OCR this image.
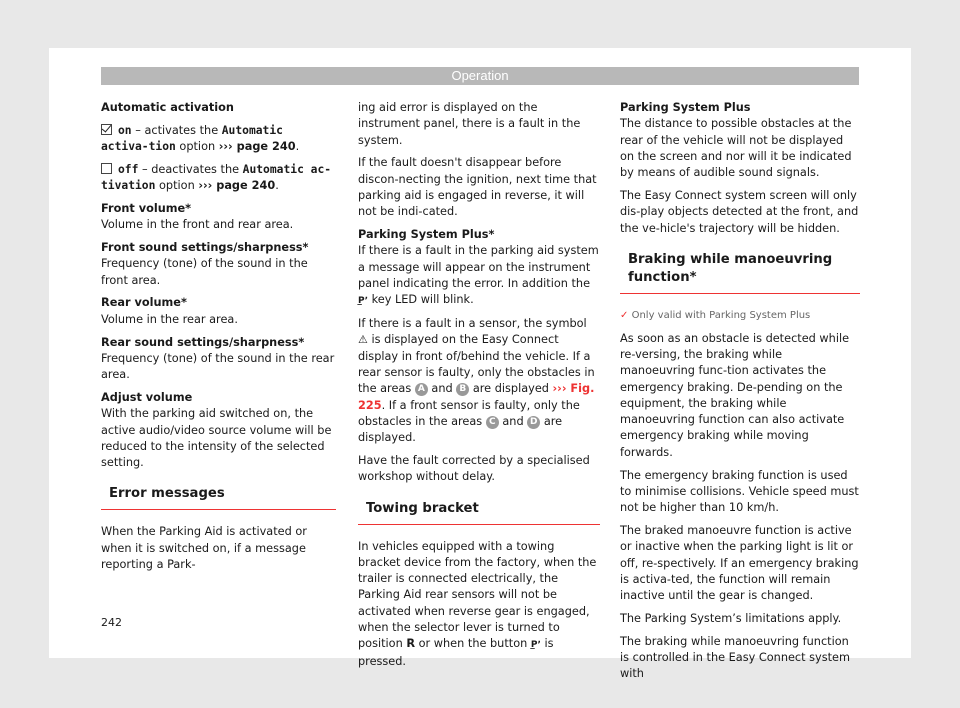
Operation

Automatic activation

on – activates the Automatic activa-tion option ››› page 240.

off – deactivates the Automatic ac-tivation option ››› page 240.

Front volume*

Volume in the front and rear area.

Front sound settings/sharpness*

Frequency (tone) of the sound in the front area.

Rear volume*

Volume in the rear area.

Rear sound settings/sharpness*

Frequency (tone) of the sound in the rear area.

Adjust volume

With the parking aid switched on, the active audio/video source volume will be reduced to the intensity of the selected setting.

Error messages

When the Parking Aid is activated or when it is switched on, if a message reporting a Park-

ing aid error is displayed on the instrument panel, there is a fault in the system.

If the fault doesn't disappear before discon-necting the ignition, next time that parking aid is engaged in reverse, it will not be indi-cated.

Parking System Plus*

If there is a fault in the parking aid system a message will appear on the instrument panel indicating the error. In addition the P̲ʼ key LED will blink.

If there is a fault in a sensor, the symbol ⚠ is displayed on the Easy Connect display in front of/behind the vehicle. If a rear sensor is faulty, only the obstacles in the areas A and B are displayed ››› Fig. 225. If a front sensor is faulty, only the obstacles in the areas C and D are displayed.

Have the fault corrected by a specialised workshop without delay.

Towing bracket

In vehicles equipped with a towing bracket device from the factory, when the trailer is connected electrically, the Parking Aid rear sensors will not be activated when reverse gear is engaged, when the selector lever is turned to position R or when the button P̲ʼ is pressed.

Parking System Plus

The distance to possible obstacles at the rear of the vehicle will not be displayed on the screen and nor will it be indicated by means of audible sound signals.

The Easy Connect system screen will only dis-play objects detected at the front, and the ve-hicle's trajectory will be hidden.

Braking while manoeuvring function*

✓ Only valid with Parking System Plus

As soon as an obstacle is detected while re-versing, the braking while manoeuvring func-tion activates the emergency braking. De-pending on the equipment, the braking while manoeuvring function can also activate emergency braking while moving forwards.

The emergency braking function is used to minimise collisions. Vehicle speed must not be higher than 10 km/h.

The braked manoeuvre function is active or inactive when the parking light is lit or off, re-spectively. If an emergency braking is activa-ted, the function will remain inactive until the gear is changed.

The Parking System’s limitations apply.

The braking while manoeuvring function is controlled in the Easy Connect system with

242
